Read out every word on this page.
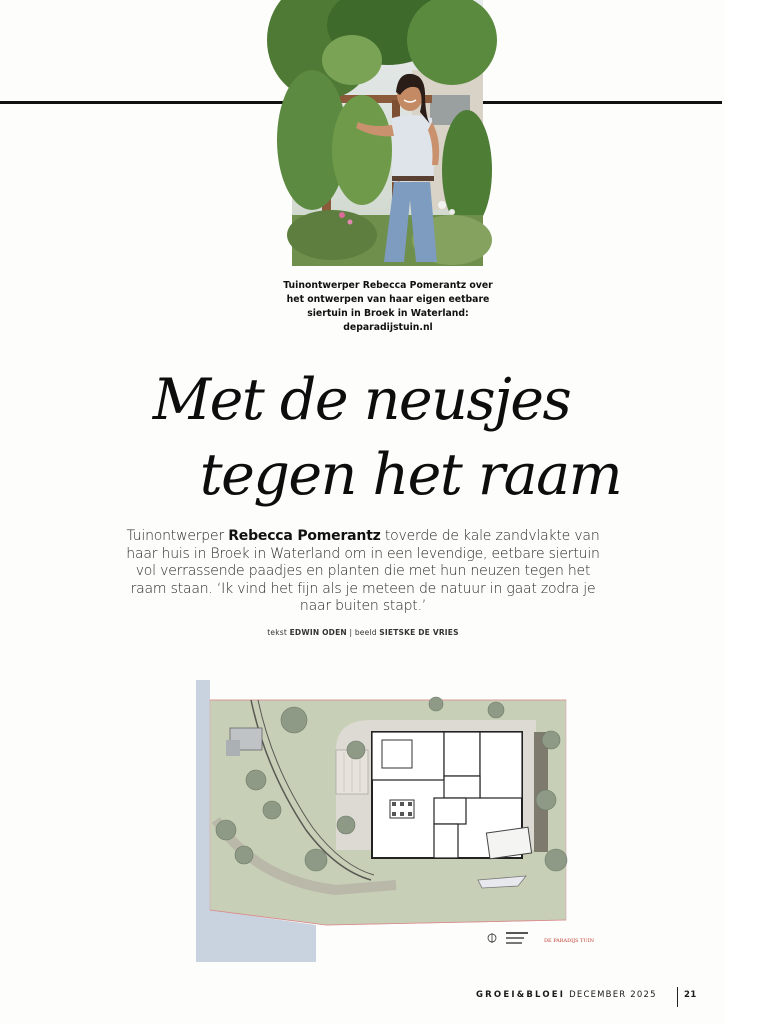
Tuinontwerper Rebecca Pomerantz over het ontwerpen van haar eigen eetbare siertuin in Broek in Waterland: deparadijstuin.nl
Met de neusjes
tegen het raam

Tuinontwerper Rebecca Pomerantz toverde de kale zandvlakte van haar huis in Broek in Waterland om in een levendige, eetbare siertuin vol verrassende paadjes en planten die met hun neuzen tegen het raam staan. ‘Ik vind het fijn als je meteen de natuur in gaat zodra je naar buiten stapt.’

tekst EDWIN ODEN | beeld SIETSKE DE VRIES
DE PARADIJS TUIN
GROEI&BLOEI DECEMBER 2025	21
